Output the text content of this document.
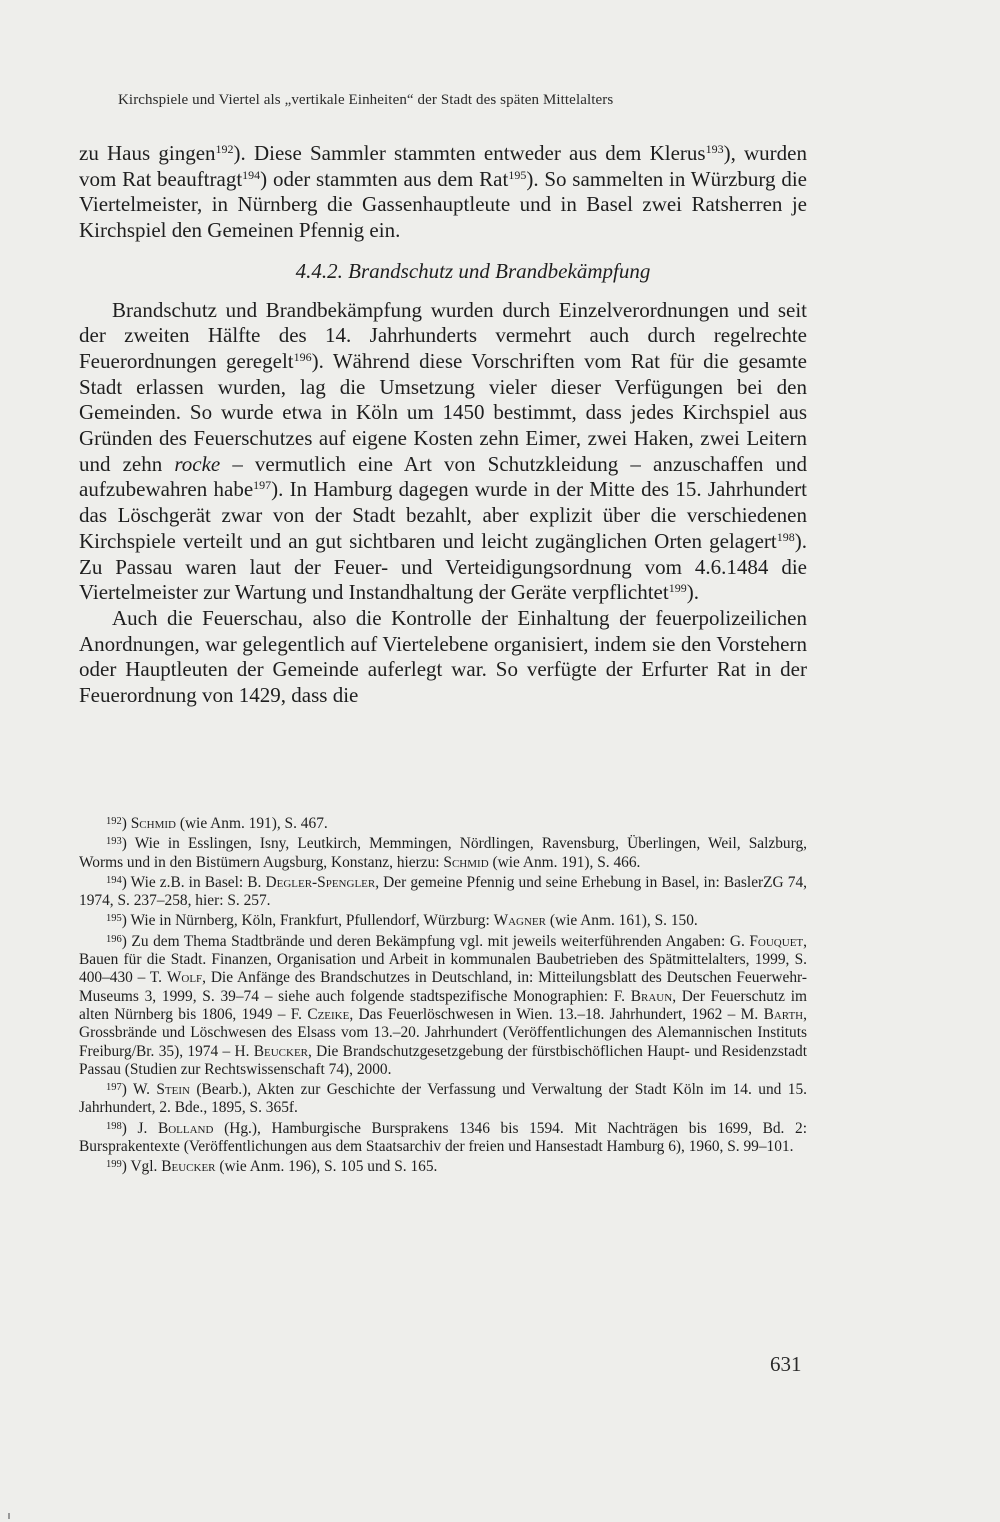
Kirchspiele und Viertel als „vertikale Einheiten“ der Stadt des späten Mittelalters

zu Haus gingen$^{192}$). Diese Sammler stammten entweder aus dem Klerus$^{193}$), wurden vom Rat beauftragt$^{194}$) oder stammten aus dem Rat$^{195}$). So sammelten in Würzburg die Viertelmeister, in Nürnberg die Gassenhauptleute und in Basel zwei Ratsherren je Kirchspiel den Gemeinen Pfennig ein.

4.4.2. Brandschutz und Brandbekämpfung

Brandschutz und Brandbekämpfung wurden durch Einzelverordnungen und seit der zweiten Hälfte des 14. Jahrhunderts vermehrt auch durch regelrechte Feuerordnungen geregelt$^{196}$). Während diese Vorschriften vom Rat für die gesamte Stadt erlassen wurden, lag die Umsetzung vieler dieser Verfügungen bei den Gemeinden. So wurde etwa in Köln um 1450 bestimmt, dass jedes Kirchspiel aus Gründen des Feuerschutzes auf eigene Kosten zehn Eimer, zwei Haken, zwei Leitern und zehn rocke – vermutlich eine Art von Schutzkleidung – anzuschaffen und aufzubewahren habe$^{197}$). In Hamburg dagegen wurde in der Mitte des 15. Jahrhundert das Löschgerät zwar von der Stadt bezahlt, aber explizit über die verschiedenen Kirchspiele verteilt und an gut sichtbaren und leicht zugänglichen Orten gelagert$^{198}$). Zu Passau waren laut der Feuer- und Verteidigungsordnung vom 4.6.1484 die Viertelmeister zur Wartung und Instandhaltung der Geräte verpflichtet$^{199}$).

Auch die Feuerschau, also die Kontrolle der Einhaltung der feuerpolizeilichen Anordnungen, war gelegentlich auf Viertelebene organisiert, indem sie den Vorstehern oder Hauptleuten der Gemeinde auferlegt war. So verfügte der Erfurter Rat in der Feuerordnung von 1429, dass die

$^{192}$) Schmid (wie Anm. 191), S. 467.

$^{193}$) Wie in Esslingen, Isny, Leutkirch, Memmingen, Nördlingen, Ravensburg, Überlingen, Weil, Salzburg, Worms und in den Bistümern Augsburg, Konstanz, hierzu: Schmid (wie Anm. 191), S. 466.

$^{194}$) Wie z.B. in Basel: B. Degler-Spengler, Der gemeine Pfennig und seine Erhebung in Basel, in: BaslerZG 74, 1974, S. 237–258, hier: S. 257.

$^{195}$) Wie in Nürnberg, Köln, Frankfurt, Pfullendorf, Würzburg: Wagner (wie Anm. 161), S. 150.

$^{196}$) Zu dem Thema Stadtbrände und deren Bekämpfung vgl. mit jeweils weiterführenden Angaben: G. Fouquet, Bauen für die Stadt. Finanzen, Organisation und Arbeit in kommunalen Baubetrieben des Spätmittelalters, 1999, S. 400–430 – T. Wolf, Die Anfänge des Brandschutzes in Deutschland, in: Mitteilungsblatt des Deutschen Feuerwehr-Museums 3, 1999, S. 39–74 – siehe auch folgende stadtspezifische Monographien: F. Braun, Der Feuerschutz im alten Nürnberg bis 1806, 1949 – F. Czeike, Das Feuerlöschwesen in Wien. 13.–18. Jahrhundert, 1962 – M. Barth, Grossbrände und Löschwesen des Elsass vom 13.–20. Jahrhundert (Veröffentlichungen des Alemannischen Instituts Freiburg/Br. 35), 1974 – H. Beucker, Die Brandschutzgesetzgebung der fürstbischöflichen Haupt- und Residenzstadt Passau (Studien zur Rechtswissenschaft 74), 2000.

$^{197}$) W. Stein (Bearb.), Akten zur Geschichte der Verfassung und Verwaltung der Stadt Köln im 14. und 15. Jahrhundert, 2. Bde., 1895, S. 365f.

$^{198}$) J. Bolland (Hg.), Hamburgische Bursprakens 1346 bis 1594. Mit Nachträgen bis 1699, Bd. 2: Bursprakentexte (Veröffentlichungen aus dem Staatsarchiv der freien und Hansestadt Hamburg 6), 1960, S. 99–101.

$^{199}$) Vgl. Beucker (wie Anm. 196), S. 105 und S. 165.

631
